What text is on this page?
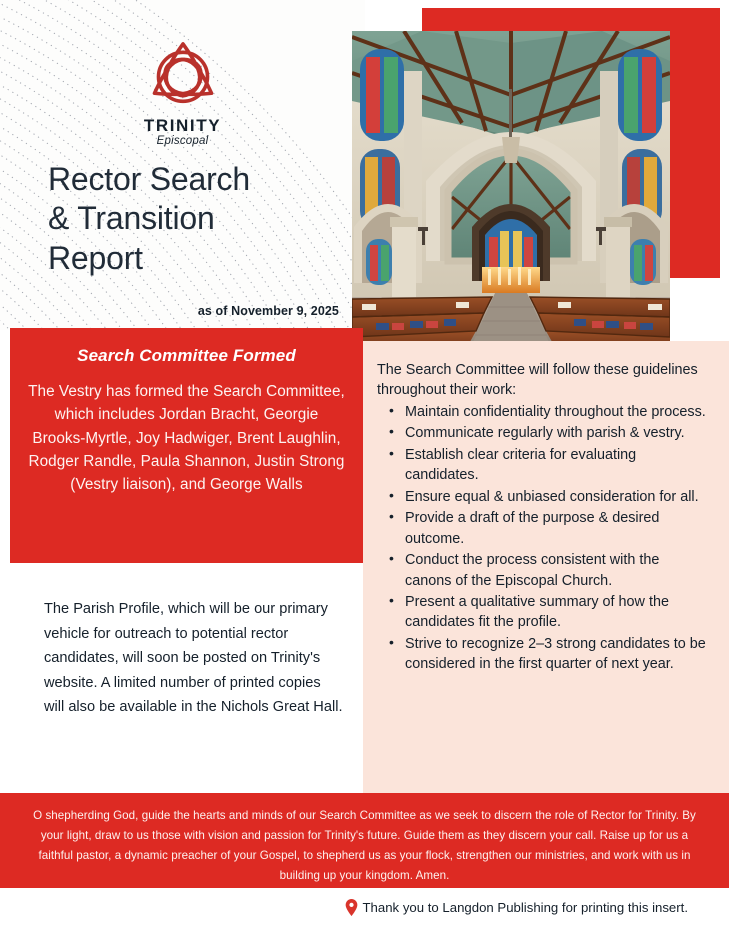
TRINITY
Episcopal
Rector Search
& Transition
Report
as of November 9, 2025
Search Committee Formed
The Vestry has formed the Search Committee, which includes Jordan Bracht, Georgie Brooks-Myrtle, Joy Hadwiger, Brent Laughlin, Rodger Randle, Paula Shannon, Justin Strong (Vestry liaison), and George Walls

The Search Committee will follow these guidelines throughout their work:

• Maintain confidentiality throughout the process.
• Communicate regularly with parish & vestry.
• Establish clear criteria for evaluating candidates.
• Ensure equal & unbiased consideration for all.
• Provide a draft of the purpose & desired outcome.
• Conduct the process consistent with the canons of the Episcopal Church.
• Present a qualitative summary of how the candidates fit the profile.
• Strive to recognize 2–3 strong candidates to be considered in the first quarter of next year.
The Parish Profile, which will be our primary vehicle for outreach to potential rector candidates, will soon be posted on Trinity's website. A limited number of printed copies will also be available in the Nichols Great Hall.
O shepherding God, guide the hearts and minds of our Search Committee as we seek to discern the role of Rector for Trinity. By your light, draw to us those with vision and passion for Trinity's future. Guide them as they discern your call. Raise up for us a faithful pastor, a dynamic preacher of your Gospel, to shepherd us as your flock, strengthen our ministries, and work with us in building up your kingdom. Amen.
Thank you to Langdon Publishing for printing this insert.
